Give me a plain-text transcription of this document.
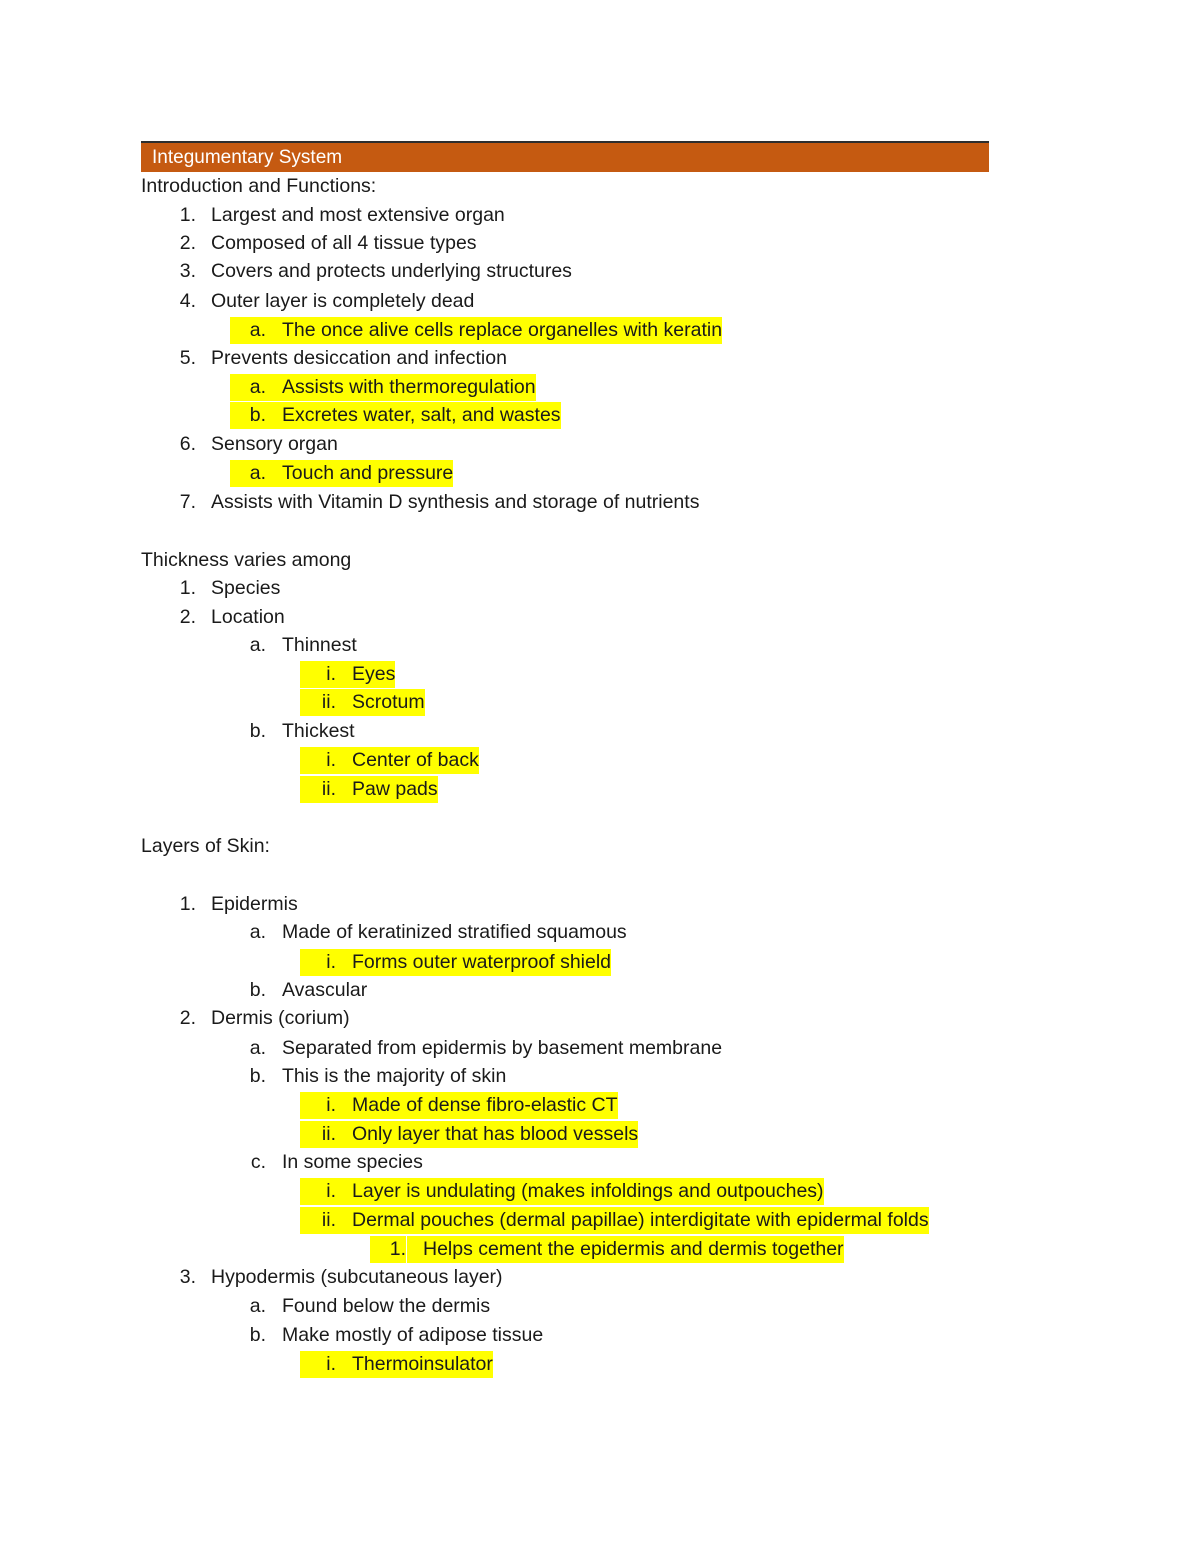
Integumentary System
Introduction and Functions:
1. Largest and most extensive organ
2. Composed of all 4 tissue types
3. Covers and protects underlying structures
4. Outer layer is completely dead
a. The once alive cells replace organelles with keratin
5. Prevents desiccation and infection
a. Assists with thermoregulation
b. Excretes water, salt, and wastes
6. Sensory organ
a. Touch and pressure
7. Assists with Vitamin D synthesis and storage of nutrients
Thickness varies among
1. Species
2. Location
a. Thinnest
i. Eyes
ii. Scrotum
b. Thickest
i. Center of back
ii. Paw pads
Layers of Skin:
1. Epidermis
a. Made of keratinized stratified squamous
i. Forms outer waterproof shield
b. Avascular
2. Dermis (corium)
a. Separated from epidermis by basement membrane
b. This is the majority of skin
i. Made of dense fibro-elastic CT
ii. Only layer that has blood vessels
c. In some species
i. Layer is undulating (makes infoldings and outpouches)
ii. Dermal pouches (dermal papillae) interdigitate with epidermal folds
1. Helps cement the epidermis and dermis together
3. Hypodermis (subcutaneous layer)
a. Found below the dermis
b. Make mostly of adipose tissue
i. Thermoinsulator
